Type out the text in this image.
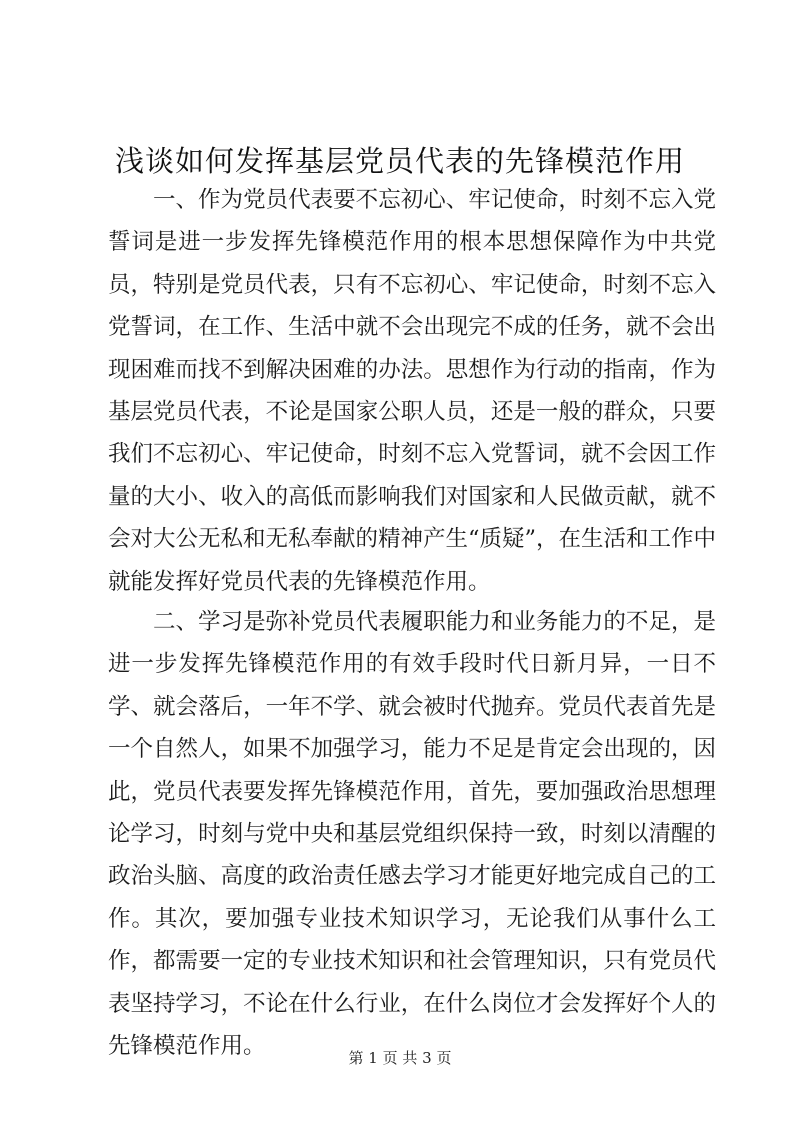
浅谈如何发挥基层党员代表的先锋模范作用
一、作为党员代表要不忘初心、牢记使命，时刻不忘入党誓词是进一步发挥先锋模范作用的根本思想保障作为中共党员，特别是党员代表，只有不忘初心、牢记使命，时刻不忘入党誓词，在工作、生活中就不会出现完不成的任务，就不会出现困难而找不到解决困难的办法。思想作为行动的指南，作为基层党员代表，不论是国家公职人员，还是一般的群众，只要我们不忘初心、牢记使命，时刻不忘入党誓词，就不会因工作量的大小、收入的高低而影响我们对国家和人民做贡献，就不会对大公无私和无私奉献的精神产生“质疑”，在生活和工作中就能发挥好党员代表的先锋模范作用。
二、学习是弥补党员代表履职能力和业务能力的不足，是进一步发挥先锋模范作用的有效手段时代日新月异，一日不学、就会落后，一年不学、就会被时代抛弃。党员代表首先是一个自然人，如果不加强学习，能力不足是肯定会出现的，因此，党员代表要发挥先锋模范作用，首先，要加强政治思想理论学习，时刻与党中央和基层党组织保持一致，时刻以清醒的政治头脑、高度的政治责任感去学习才能更好地完成自己的工作。其次，要加强专业技术知识学习，无论我们从事什么工作，都需要一定的专业技术知识和社会管理知识，只有党员代表坚持学习，不论在什么行业，在什么岗位才会发挥好个人的先锋模范作用。	第 1 页 共 3 页
